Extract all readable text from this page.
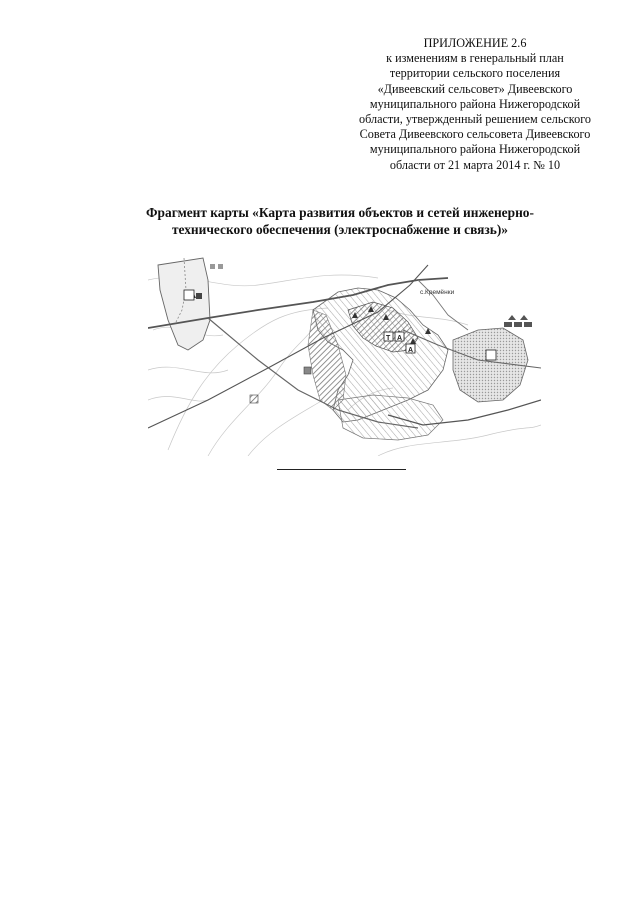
ПРИЛОЖЕНИЕ 2.6
к изменениям в генеральный план
территории сельского поселения
«Дивеевский сельсовет» Дивеевского
муниципального района Нижегородской
области, утвержденный решением сельского
Совета Дивеевского сельсовета Дивеевского
муниципального района Нижегородской
области от 21 марта 2014 г. № 10
Фрагмент карты «Карта развития объектов и сетей инженерно-
технического обеспечения (электроснабжение и связь)»
T A
A
с.Кремёнки
